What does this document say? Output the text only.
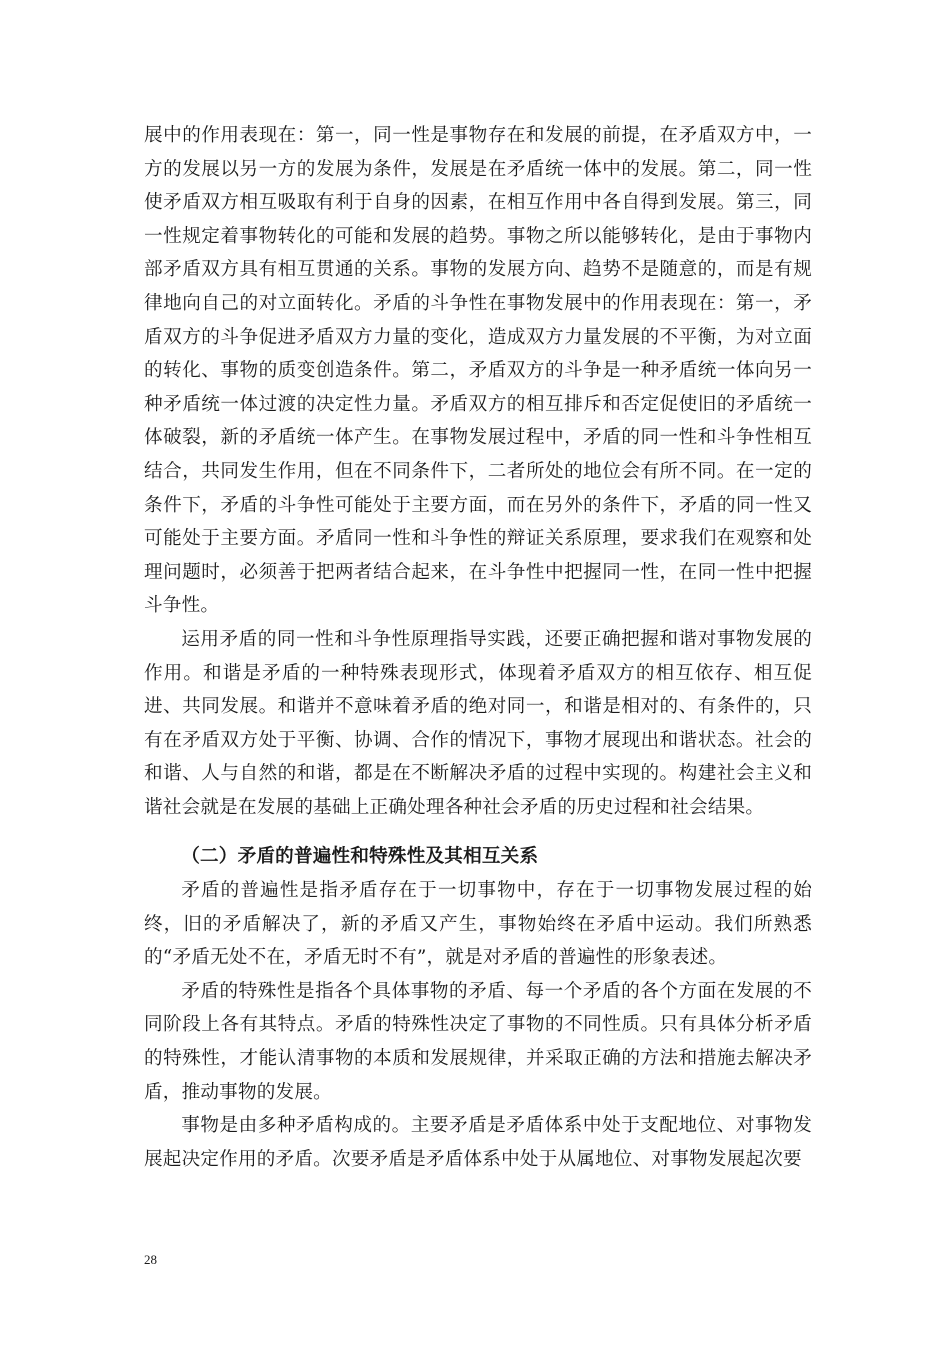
展中的作用表现在：第一，同一性是事物存在和发展的前提，在矛盾双方中，一方的发展以另一方的发展为条件，发展是在矛盾统一体中的发展。第二，同一性使矛盾双方相互吸取有利于自身的因素，在相互作用中各自得到发展。第三，同一性规定着事物转化的可能和发展的趋势。事物之所以能够转化，是由于事物内部矛盾双方具有相互贯通的关系。事物的发展方向、趋势不是随意的，而是有规律地向自己的对立面转化。矛盾的斗争性在事物发展中的作用表现在：第一，矛盾双方的斗争促进矛盾双方力量的变化，造成双方力量发展的不平衡，为对立面的转化、事物的质变创造条件。第二，矛盾双方的斗争是一种矛盾统一体向另一种矛盾统一体过渡的决定性力量。矛盾双方的相互排斥和否定促使旧的矛盾统一体破裂，新的矛盾统一体产生。在事物发展过程中，矛盾的同一性和斗争性相互结合，共同发生作用，但在不同条件下，二者所处的地位会有所不同。在一定的条件下，矛盾的斗争性可能处于主要方面，而在另外的条件下，矛盾的同一性又可能处于主要方面。矛盾同一性和斗争性的辩证关系原理，要求我们在观察和处理问题时，必须善于把两者结合起来，在斗争性中把握同一性，在同一性中把握斗争性。

运用矛盾的同一性和斗争性原理指导实践，还要正确把握和谐对事物发展的作用。和谐是矛盾的一种特殊表现形式，体现着矛盾双方的相互依存、相互促进、共同发展。和谐并不意味着矛盾的绝对同一，和谐是相对的、有条件的，只有在矛盾双方处于平衡、协调、合作的情况下，事物才展现出和谐状态。社会的和谐、人与自然的和谐，都是在不断解决矛盾的过程中实现的。构建社会主义和谐社会就是在发展的基础上正确处理各种社会矛盾的历史过程和社会结果。

（二）矛盾的普遍性和特殊性及其相互关系

矛盾的普遍性是指矛盾存在于一切事物中，存在于一切事物发展过程的始终，旧的矛盾解决了，新的矛盾又产生，事物始终在矛盾中运动。我们所熟悉的“矛盾无处不在，矛盾无时不有”，就是对矛盾的普遍性的形象表述。

矛盾的特殊性是指各个具体事物的矛盾、每一个矛盾的各个方面在发展的不同阶段上各有其特点。矛盾的特殊性决定了事物的不同性质。只有具体分析矛盾的特殊性，才能认清事物的本质和发展规律，并采取正确的方法和措施去解决矛盾，推动事物的发展。

事物是由多种矛盾构成的。主要矛盾是矛盾体系中处于支配地位、对事物发展起决定作用的矛盾。次要矛盾是矛盾体系中处于从属地位、对事物发展起次要

28
